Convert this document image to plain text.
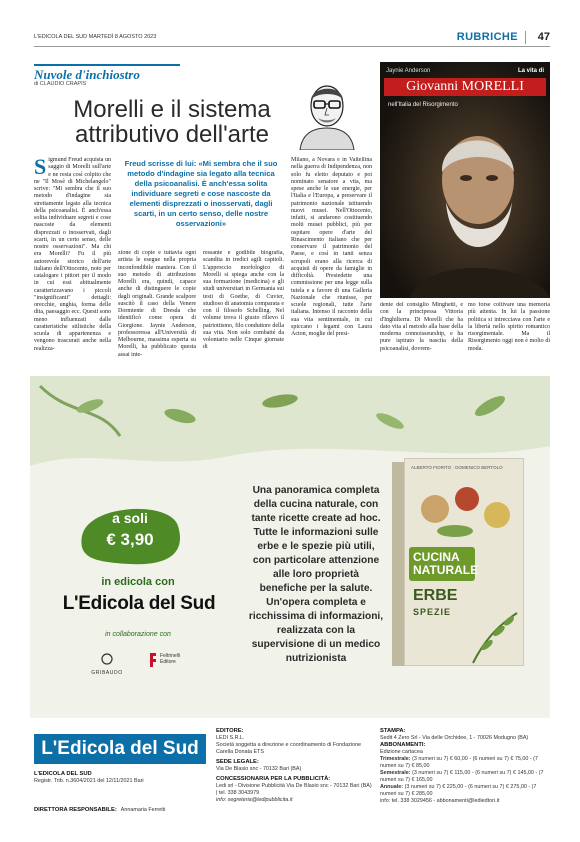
L'EDICOLA DEL SUD MARTEDÌ 8 AGOSTO 2023	RUBRICHE 47
Nuvole d'inchiostro
di CLAUDIO CRAPIS
Morelli e il sistema attributivo dell'arte
Jaynie Anderson	La vita di
Giovanni MORELLI
nell'Italia del Risorgimento
Sigmund Freud acquista un saggio di Morelli sull'arte e ne resta così colpito che ne "Il Mosè di Michelangelo" scrive: "Mi sembra che il suo metodo d'indagine sia strettamente legato alla tecnica della psicoanalisi. È anch'essa solita individuare segreti e cose nascoste da elementi disprezzati o inosservati, dagli scarti, in un certo senso, delle nostre osservazioni". Ma chi era Morelli? Fu il più autorevole storico dell'arte italiano dell'Ottocento, noto per catalogare i pittori per il modo in cui essi abitualmente caratterizzavano i piccoli "insignificanti" dettagli: orecchie, unghia, forma delle dita, paesaggio ecc. Questi sono meno influenzati dalle caratteristiche stilistiche della scuola di appartenenza e vengono trascurati anche nella realizza-
Freud scrisse di lui: «Mi sembra che il suo metodo d'indagine sia legato alla tecnica della psicoanalisi. È anch'essa solita individuare segreti e cose nascoste da elementi disprezzati o inosservati, dagli scarti, in un certo senso, delle nostre osservazioni»
zione di copie e tuttavia ogni artista le esegue nella propria inconfondibile maniera. Con il suo metodo di attribuzione Morelli era, quindi, capace anche di distinguere le copie dagli originali. Grande scalpore suscitò il caso della Venere Dormiente di Dresda che identificò come opera di Giorgione. Jaynie Anderson, professoressa all'Università di Melbourne, massima esperta su Morelli, ha pubblicato questa assai inte-
ressante e godibile biografia, scandita in tredici agili capitoli. L'approccio morfologico di Morelli si spiega anche con la sua formazione (medicina) e gli studi universitari in Germania sui testi di Goethe, di Cuvier, studioso di anatomia comparata e con il filosofo Schelling. Nel volume trova il giusto rilievo il patriottismo, filo conduttore della sua vita. Non solo combatté da volontario nelle Cinque giornate di
Milano, a Novara e in Valtellina nella guerra di Indipendenza, non solo fu eletto deputato e poi nominato senatore a vita, ma spese anche le sue energie, per l'Italia e l'Europa, a preservare il patrimonio nazionale istituendo nuovi musei. Nell'Ottocento, infatti, si andarono costituendo molti musei pubblici, più per ospitare opere d'arte del Rinascimento italiano che per conservare il patrimonio del Paese, e così in tanti senza scrupoli erano alla ricerca di acquisti di opere da famiglie in difficoltà. Presiedette una commissione per una legge sulla tutela e a favore di una Galleria Nazionale che riunisse, per scuole regionali, tutte l'arte italiana. Intenso il racconto della sua vita sentimentale, in cui spiccano i legami con Laura Acton, moglie del presi-
dente del consiglio Minghetti, e con la principessa Vittoria d'Inghilterra. Di Morelli che ha dato vita al metodo alla base della moderna connoisseurship, e ha pure ispirato la nascita della psicoanalisi, dovrem-
mo forse coltivare una memoria più attenta. In lui la passione politica si intrecciava con l'arte e la libertà nello spirito romantico risorgimentale. Ma il Risorgimento oggi non è molto di moda.
a soli
€ 3,90
in edicola con
L'Edicola del Sud
in collaborazione con
GRIBAUDO
Feltrinelli Editore
Una panoramica completa della cucina naturale, con tante ricette create ad hoc. Tutte le informazioni sulle erbe e le spezie più utili, con particolare attenzione alle loro proprietà benefiche per la salute. Un'opera completa e ricchissima di informazioni, realizzata con la supervisione di un medico nutrizionista
ALBERTO FIORITO · DOMENICO BERTOLO
CUCINA NATURALE
ERBE
SPEZIE
L'Edicola del Sud
L'EDICOLA DEL SUD
Registr. Trib. n.3604/2021 del 12/11/2021 Bari
DIRETTORA RESPONSABILE: Annamaria Ferretti
EDITORE:
LEDI S.R.L.
Società soggetta a direzione e coordinamento di Fondazione Carella Donata ETS
SEDE LEGALE:
Via De Blasio snc - 70132 Bari (BA)
CONCESSIONARIA PER LA PUBBLICITÀ:
Ledi srl - Divisione Pubblicità Via De Blasio snc - 70132 Bari (BA) | tel. 338 3043979
info: segreteria@ledipubblicita.it
STAMPA:
Sedit 4 Zero Srl - Via delle Orchidee, 1 - 70026 Modugno (BA)
ABBONAMENTI:
Edizione cartacea
Trimestrale: (3 numeri su 7) € 60,00 - (6 numeri su 7) € 75,00 - (7 numeri su 7) € 85,00
Semestrale: (3 numeri su 7) € 115,00 - (6 numeri su 7) € 145,00 - (7 numeri su 7) € 165,00
Annuale: (3 numeri su 7) € 225,00 - (6 numeri su 7) € 275,00 - (7 numeri su 7) € 285,00
info: tel. 338 3029456 - abbonamenti@lediedtori.it
